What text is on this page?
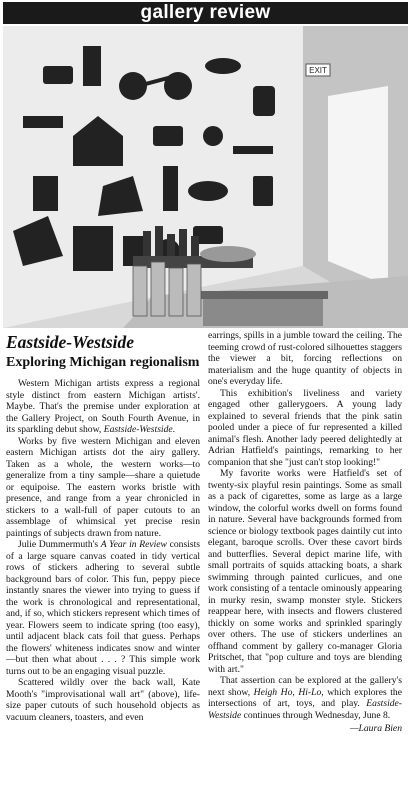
gallery review
EXIT
Eastside-Westside
Exploring Michigan regionalism

Western Michigan artists express a regional style distinct from eastern Michigan artists'. Maybe. That's the premise under exploration at the Gallery Project, on South Fourth Avenue, in its sparkling debut show, Eastside-Westside.

Works by five western Michigan and eleven eastern Michigan artists dot the airy gallery. Taken as a whole, the western works—to generalize from a tiny sample—share a quietude or equipoise. The eastern works bristle with presence, and range from a year chronicled in stickers to a wall-full of paper cutouts to an assemblage of whimsical yet precise resin paintings of subjects drawn from nature.

Julie Dummermuth's A Year in Review consists of a large square canvas coated in tidy vertical rows of stickers adhering to several subtle background bars of color. This fun, peppy piece instantly snares the viewer into trying to guess if the work is chronological and representational, and, if so, which stickers represent which times of year. Flowers seem to indicate spring (too easy), until adjacent black cats foil that guess. Perhaps the flowers' whiteness indicates snow and winter—but then what about . . . ? This simple work turns out to be an engaging visual puzzle.

Scattered wildly over the back wall, Kate Mooth's "improvisational wall art" (above), life-size paper cutouts of such household objects as vacuum cleaners, toasters, and even

earrings, spills in a jumble toward the ceiling. The teeming crowd of rust-colored silhouettes staggers the viewer a bit, forcing reflections on materialism and the huge quantity of objects in one's everyday life.

This exhibition's liveliness and variety engaged other gallerygoers. A young lady explained to several friends that the pink satin pooled under a piece of fur represented a killed animal's flesh. Another lady peered delightedly at Adrian Hatfield's paintings, remarking to her companion that she "just can't stop looking!"

My favorite works were Hatfield's set of twenty-six playful resin paintings. Some as small as a pack of cigarettes, some as large as a large window, the colorful works dwell on forms found in nature. Several have backgrounds formed from science or biology textbook pages daintily cut into elegant, baroque scrolls. Over these cavort birds and butterflies. Several depict marine life, with small portraits of squids attacking boats, a shark swimming through painted curlicues, and one work consisting of a tentacle ominously appearing in murky resin, swamp monster style. Stickers reappear here, with insects and flowers clustered thickly on some works and sprinkled sparingly over others. The use of stickers underlines an offhand comment by gallery co-manager Gloria Pritschet, that "pop culture and toys are blending with art."

That assertion can be explored at the gallery's next show, Heigh Ho, Hi-Lo, which explores the intersections of art, toys, and play. Eastside-Westside continues through Wednesday, June 8.

—Laura Bien
